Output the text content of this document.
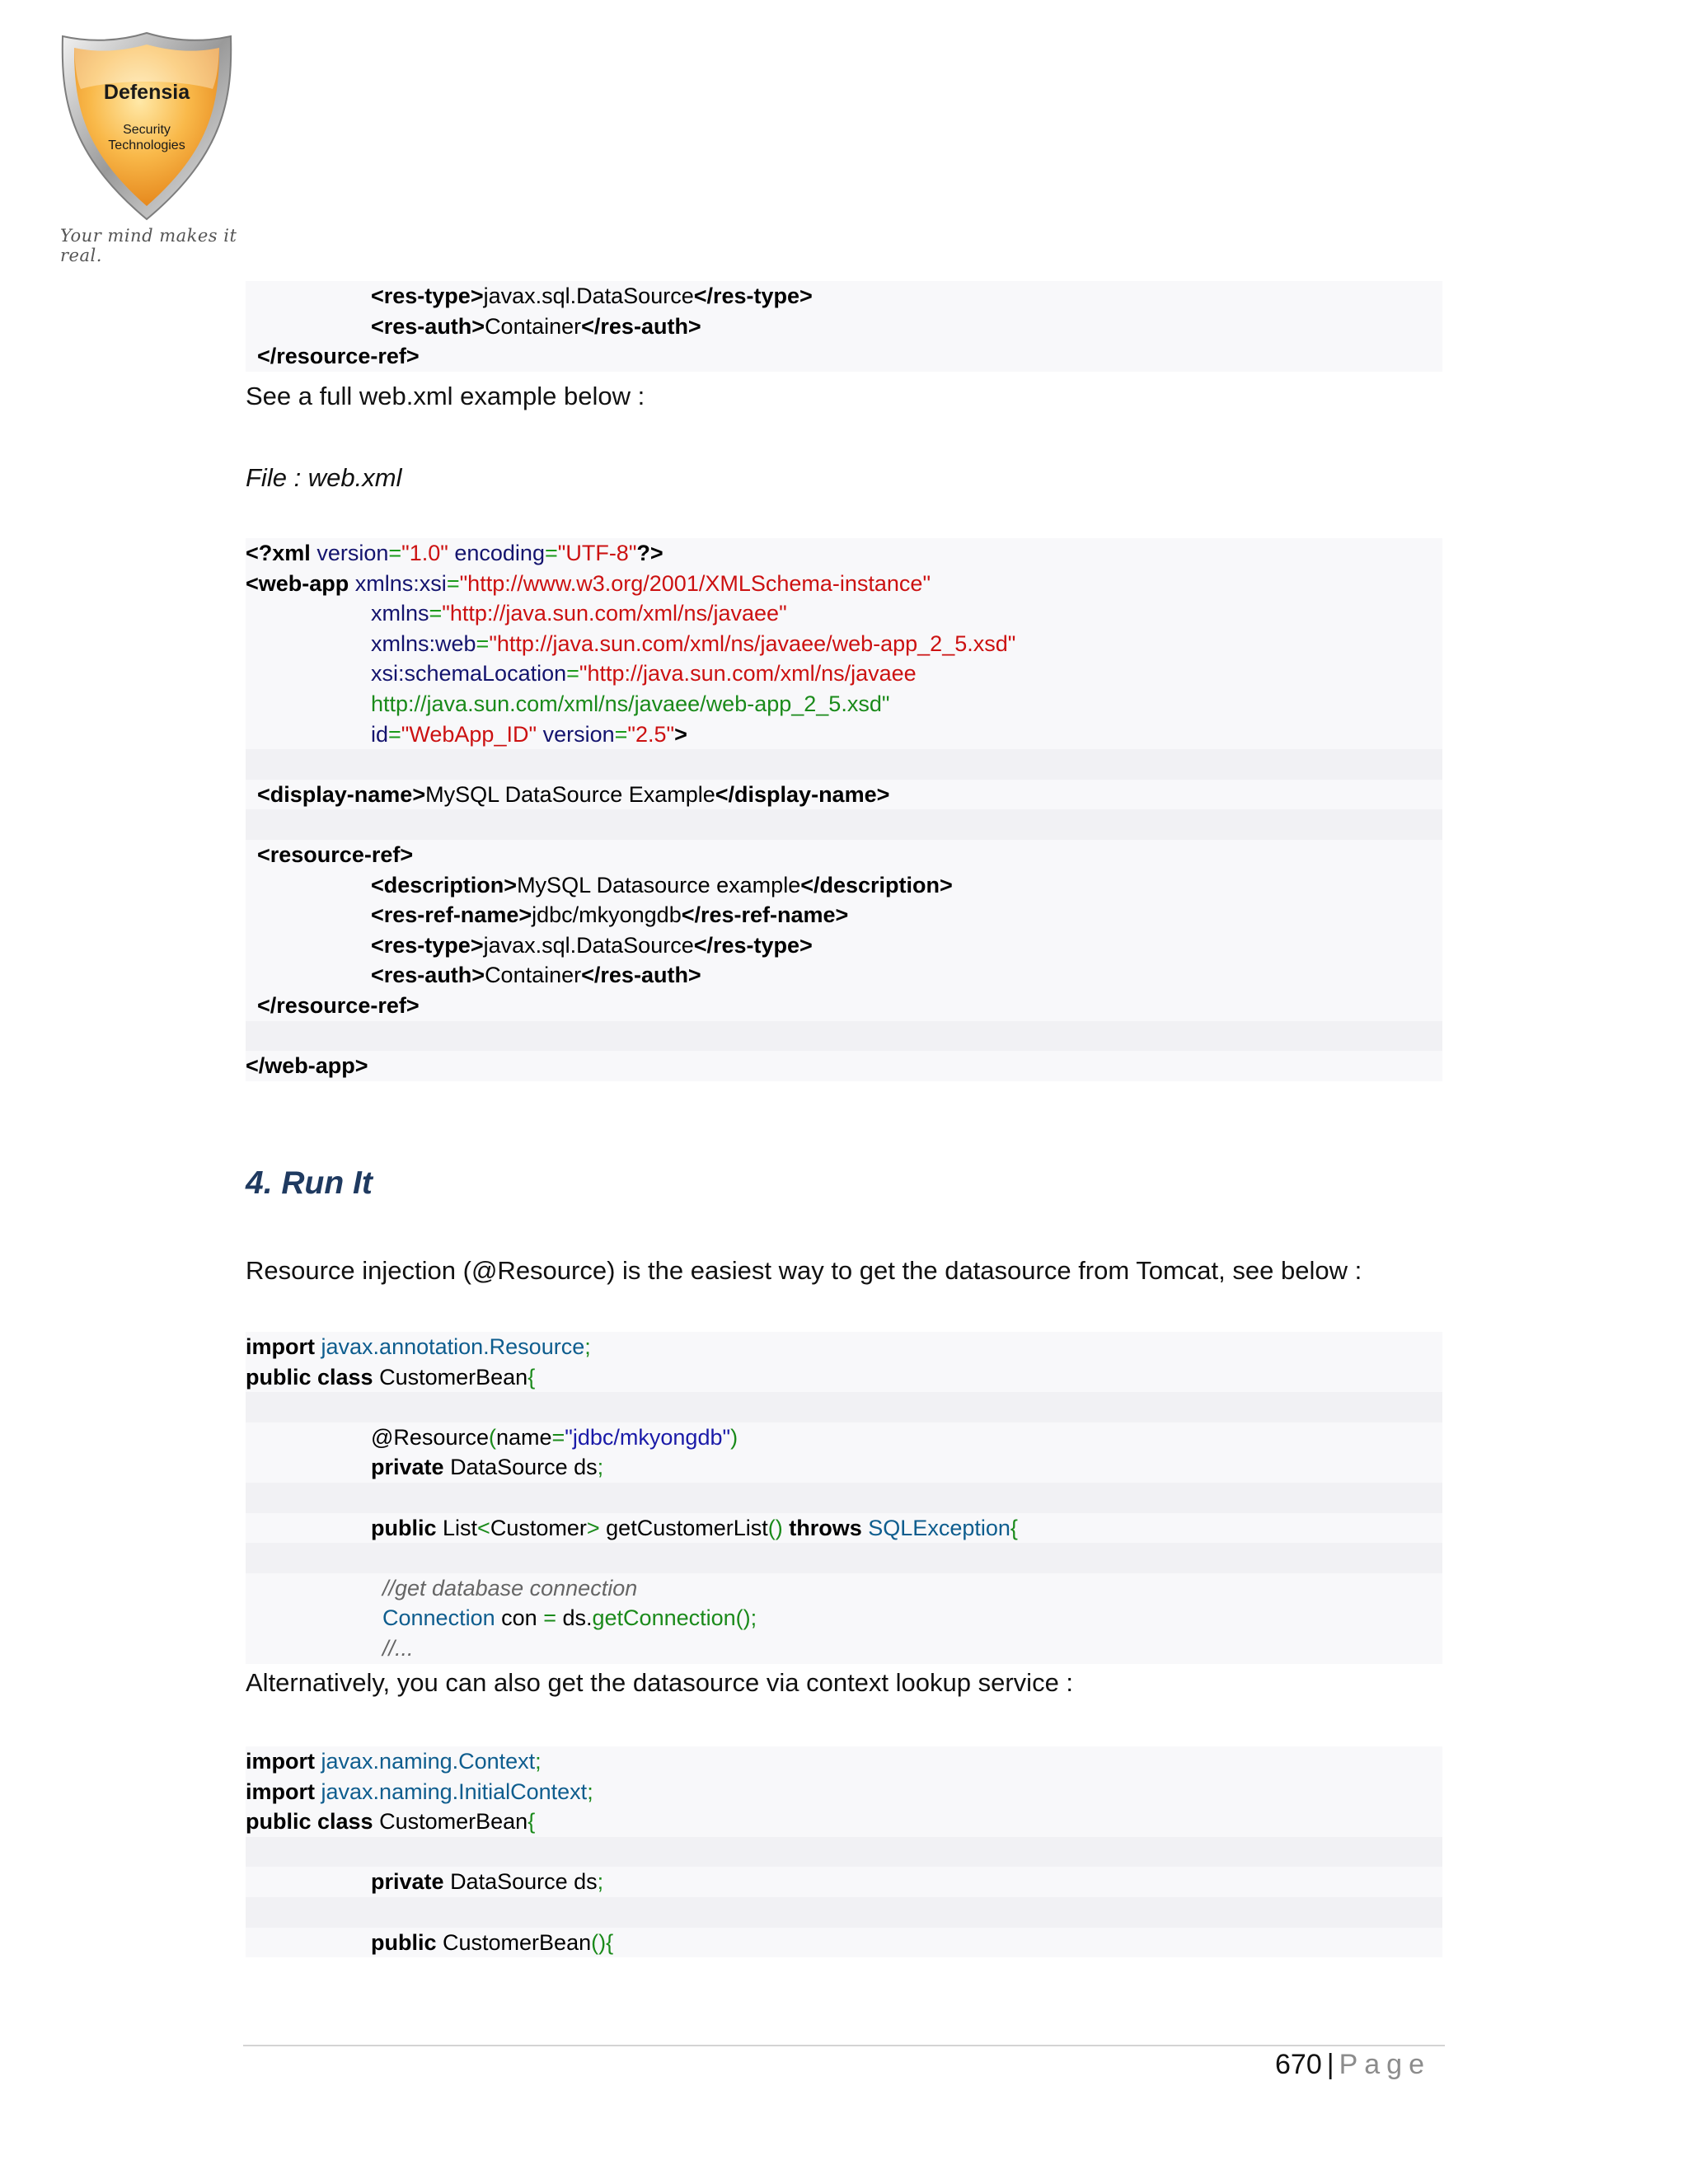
Defensia
Security
Technologies
Your mind makes it real.
<res-type>javax.sql.DataSource</res-type>
<res-auth>Container</res-auth>
</resource-ref>
See a full web.xml example below :
File : web.xml
<?xml version="1.0" encoding="UTF-8"?>
<web-app xmlns:xsi="http://www.w3.org/2001/XMLSchema-instance"
xmlns="http://java.sun.com/xml/ns/javaee"
xmlns:web="http://java.sun.com/xml/ns/javaee/web-app_2_5.xsd"
xsi:schemaLocation="http://java.sun.com/xml/ns/javaee
http://java.sun.com/xml/ns/javaee/web-app_2_5.xsd"
id="WebApp_ID" version="2.5">
<display-name>MySQL DataSource Example</display-name>
<resource-ref>
<description>MySQL Datasource example</description>
<res-ref-name>jdbc/mkyongdb</res-ref-name>
<res-type>javax.sql.DataSource</res-type>
<res-auth>Container</res-auth>
</resource-ref>
</web-app>
4. Run It
Resource injection (@Resource) is the easiest way to get the datasource from Tomcat, see below :
import javax.annotation.Resource;
public class CustomerBean{
@Resource(name="jdbc/mkyongdb")
private DataSource ds;
public List<Customer> getCustomerList() throws SQLException{
//get database connection
Connection con = ds.getConnection();
//...
Alternatively, you can also get the datasource via context lookup service :
import javax.naming.Context;
import javax.naming.InitialContext;
public class CustomerBean{
private DataSource ds;
public CustomerBean(){
670 | Page
